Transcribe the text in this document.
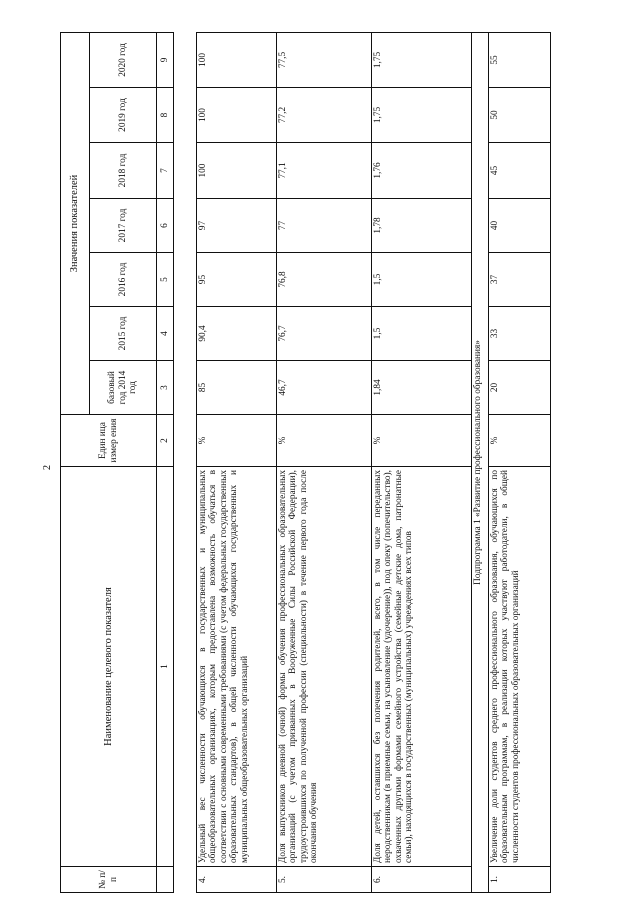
2
№ п/п	Наименование целевого показателя	Един ица измер ения	Значения показателей						
			базовый год 2014 год	2015 год	2016 год	2017 год	2018 год	2019 год	2020 год
	1	2	3	4	5	6	7	8	9

4.	Удельный вес численности обучающихся в государственных и муниципальных общеобразовательных организациях, которым предоставлена возможность обучаться в соответствии с основными современными требованиями (с учетом федеральных государственных образовательных стандартов), в общей численности обучающихся государственных и муниципальных общеобразовательных организаций	%	85	90,4	95	97	100	100	100
5.	Доля выпускников дневной (очной) формы обучения профессиональных образовательных организаций (с учетом призванных в Вооруженные Силы Российской Федерации), трудоустроившихся по полученной профессии (специальности) в течение первого года после окончания обучения	%	46,7	76,7	76,8	77	77,1	77,2	77,5
6.	Доля детей, оставшихся без попечения родителей, всего, в том числе переданных неродственникам (в приемные семьи, на усыновление (удочерение)), под опеку (попечительство), охваченных другими формами семейного устройства (семейные детские дома, патронатные семьи), находящихся в государственных (муниципальных) учреждениях всех типов	%	1,84	1,5	1,5	1,78	1,76	1,75	1,75
Подпрограмма 1 «Развитие профессионального образования»									
1.	Увеличение доли студентов среднего профессионального образования, обучающихся по образовательным программам, в реализации которых участвуют работодатели, в общей численности студентов профессиональных образовательных организаций	%	20	33	37	40	45	50	55
